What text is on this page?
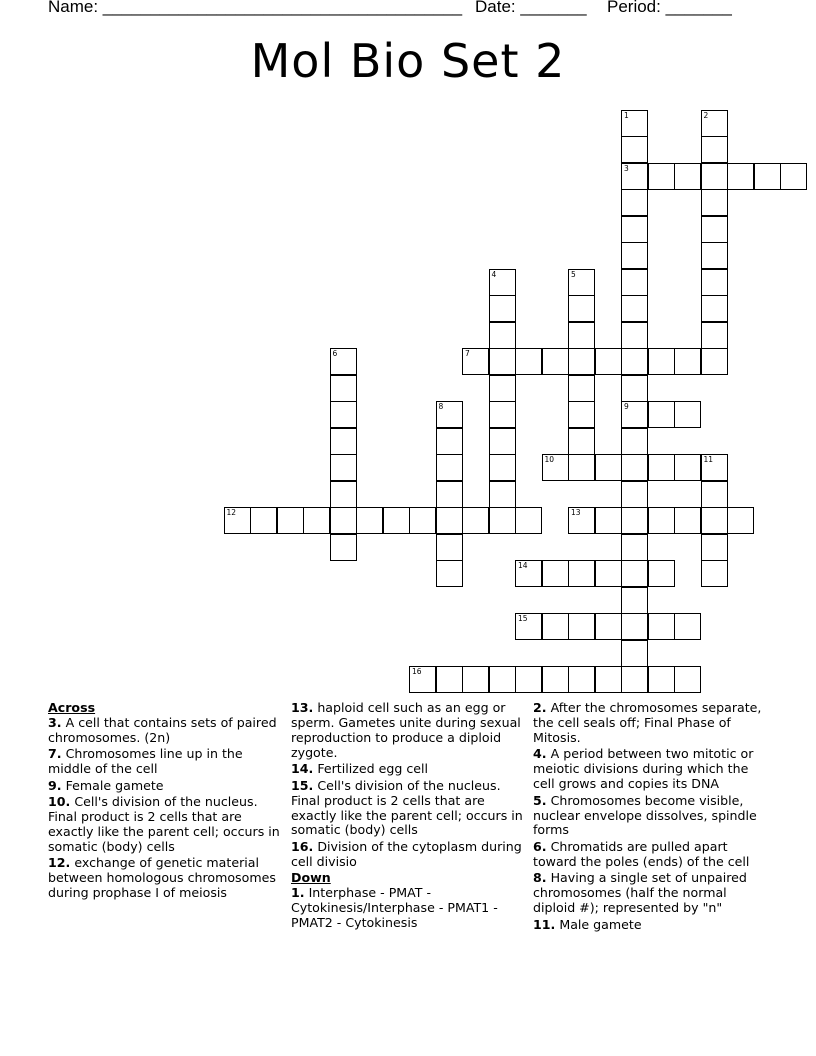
Name: ______________________________________ Date: _______ Period: _______
Mol Bio Set 2
1
3
9
2
4	5
6	7
8
10	11
12	13
14
15
16
Across
3. A cell that contains sets of paired chromosomes. (2n)
7. Chromosomes line up in the middle of the cell
9. Female gamete
10. Cell's division of the nucleus. Final product is 2 cells that are exactly like the parent cell; occurs in somatic (body) cells
12. exchange of genetic material between homologous chromosomes during prophase I of meiosis
13. haploid cell such as an egg or sperm. Gametes unite during sexual reproduction to produce a diploid zygote.
14. Fertilized egg cell
15. Cell's division of the nucleus. Final product is 2 cells that are exactly like the parent cell; occurs in somatic (body) cells
16. Division of the cytoplasm during cell divisio
Down
1. Interphase - PMAT - Cytokinesis/Interphase - PMAT1 - PMAT2 - Cytokinesis
2. After the chromosomes separate, the cell seals off; Final Phase of Mitosis.
4. A period between two mitotic or meiotic divisions during which the cell grows and copies its DNA
5. Chromosomes become visible, nuclear envelope dissolves, spindle forms
6. Chromatids are pulled apart toward the poles (ends) of the cell
8. Having a single set of unpaired chromosomes (half the normal diploid #); represented by "n"
11. Male gamete
